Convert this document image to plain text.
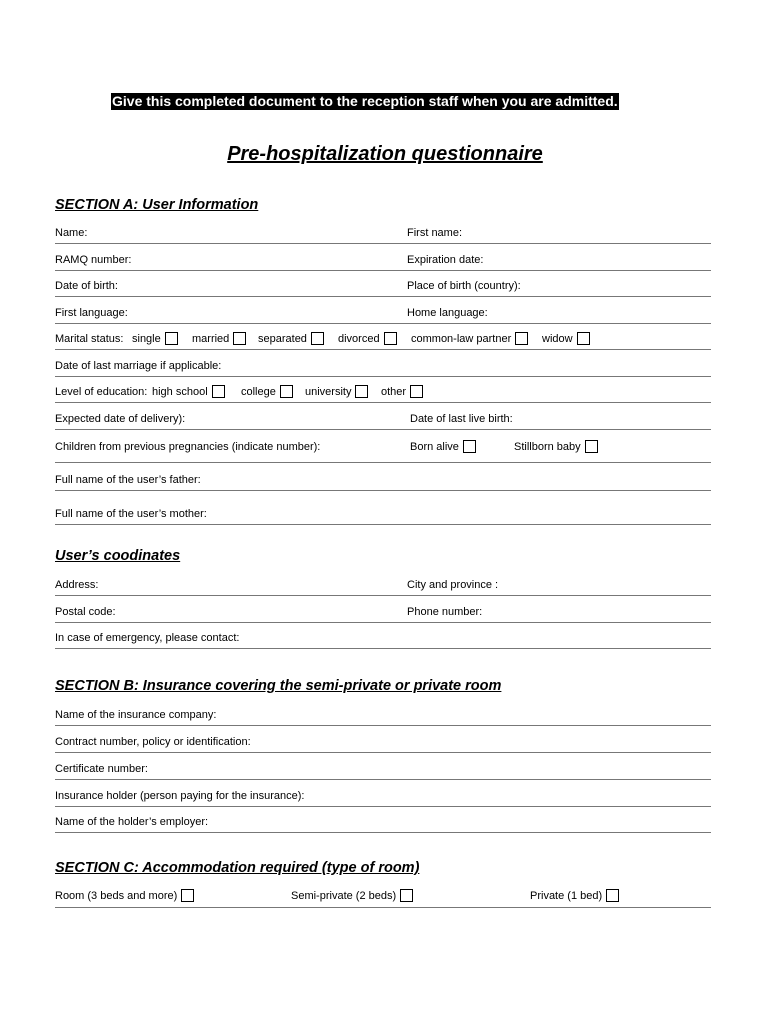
Give this completed document to the reception staff when you are admitted.
Pre-hospitalization questionnaire
SECTION A: User Information
Name:	First name:
RAMQ number:	Expiration date:
Date of birth:	Place of birth (country):
First language:	Home language:
Marital status: single	married	separated	divorced	common-law partner	widow
Date of last marriage if applicable:
Level of education: high school	college	university	other
Expected date of delivery):	Date of last live birth:
Children from previous pregnancies (indicate number):	Born alive	Stillborn baby
Full name of the user’s father:
Full name of the user’s mother:
User’s coodinates
Address:	City and province :
Postal code:	Phone number:
In case of emergency, please contact:
SECTION B: Insurance covering the semi-private or private room
Name of the insurance company:
Contract number, policy or identification:
Certificate number:
Insurance holder (person paying for the insurance):
Name of the holder’s employer:
SECTION C: Accommodation required (type of room)
Room (3 beds and more)	Semi-private (2 beds)	Private (1 bed)
